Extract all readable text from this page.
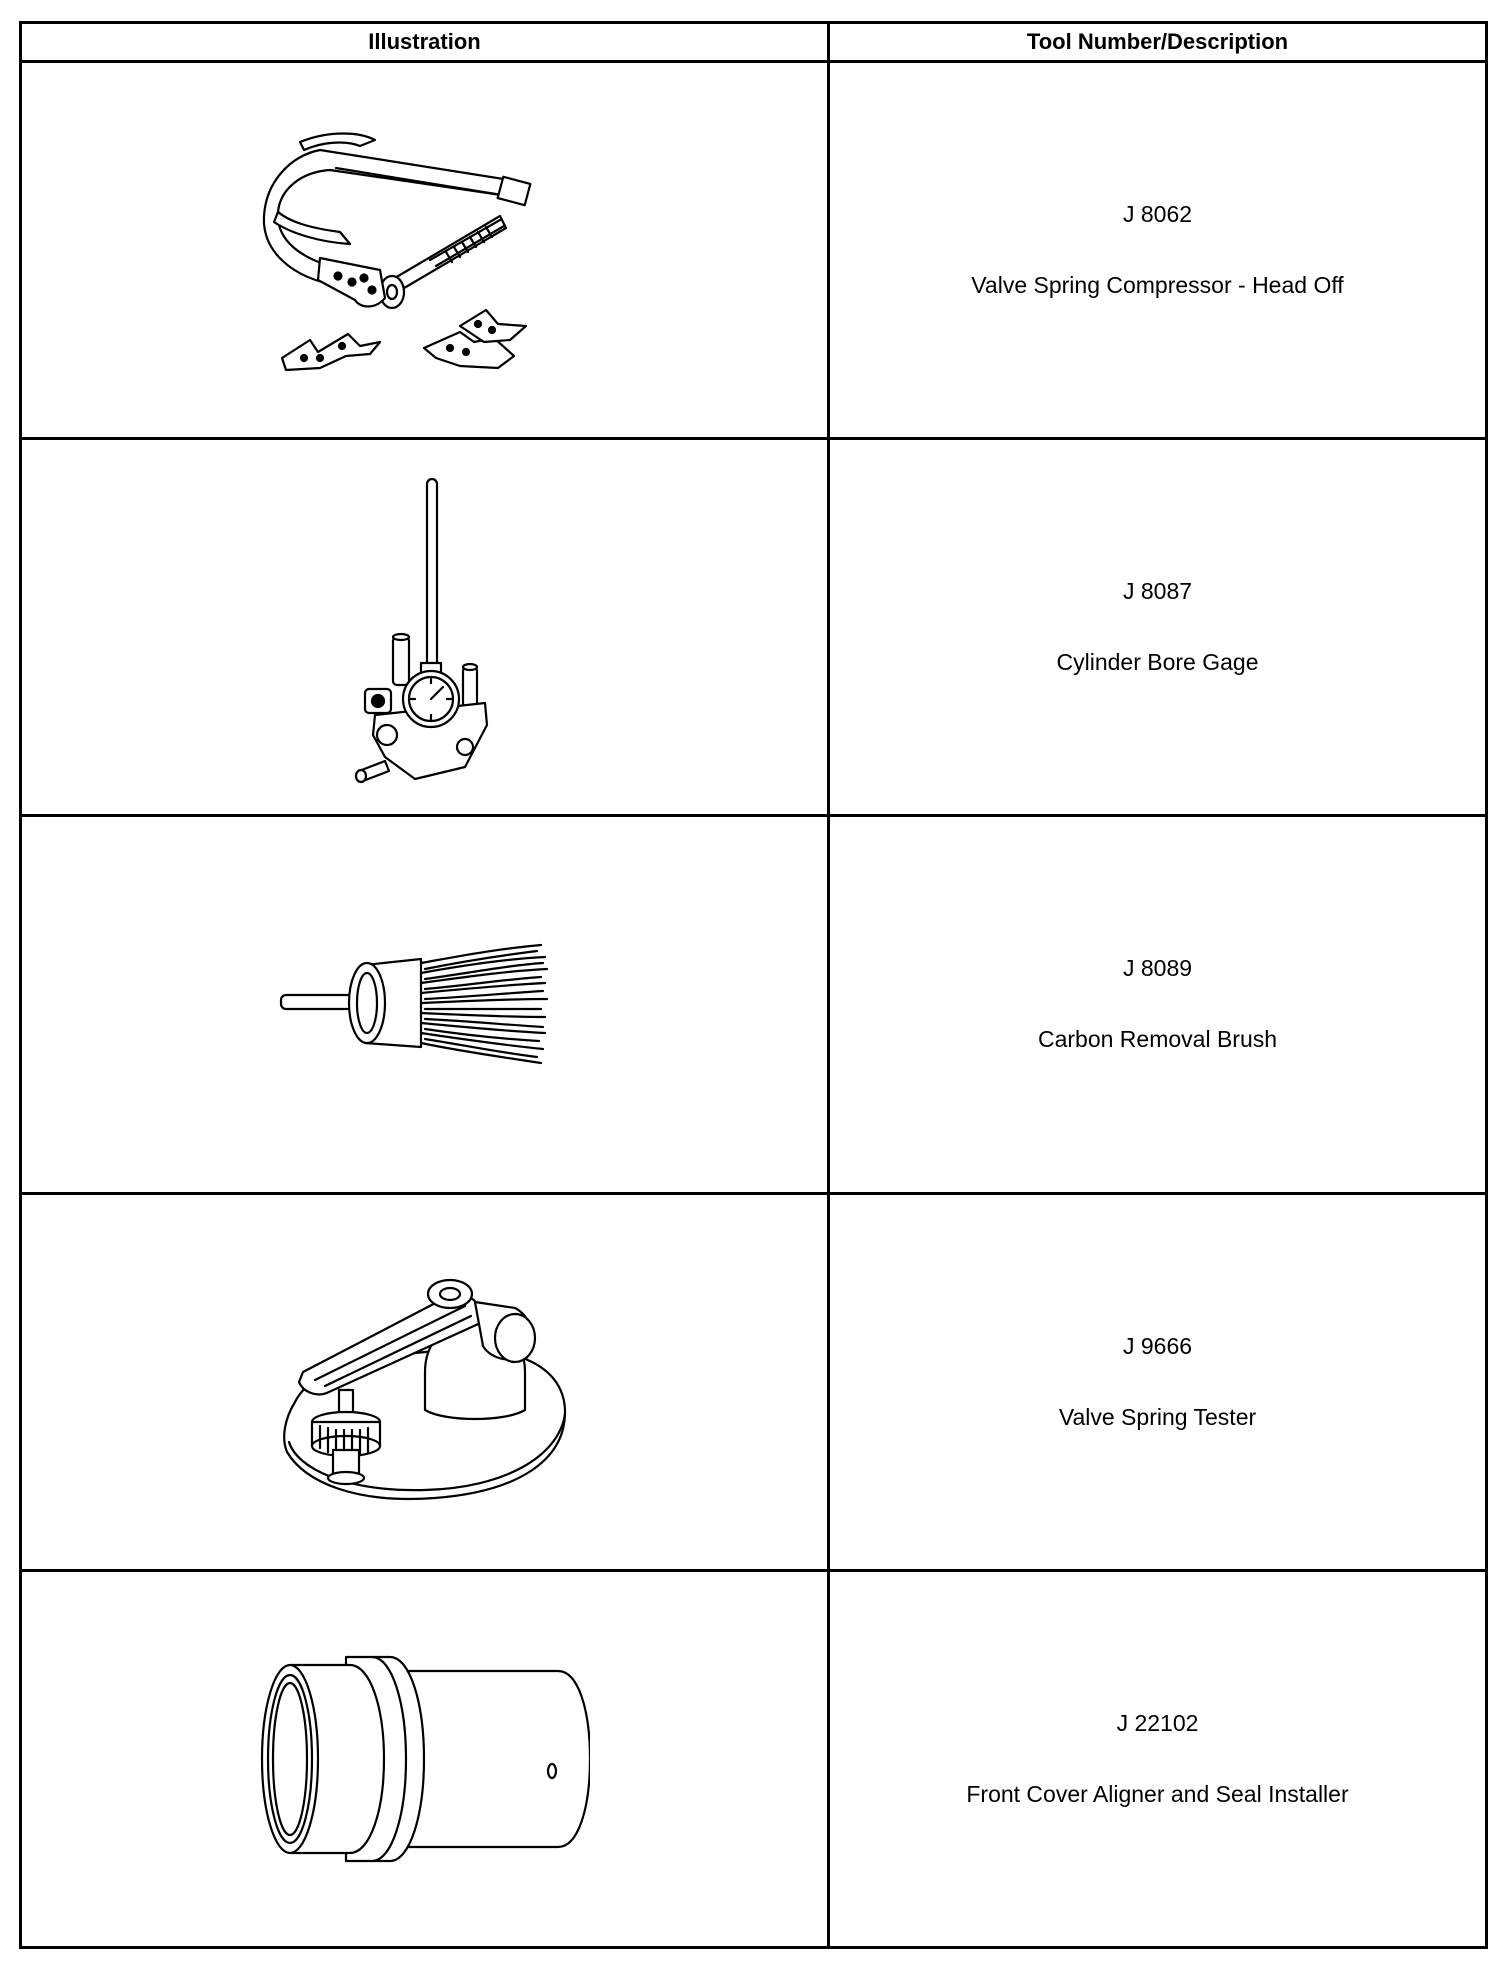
Illustration	Tool Number/Description

J 8062
Valve Spring Compressor - Head Off

J 8087
Cylinder Bore Gage

J 8089
Carbon Removal Brush

J 9666
Valve Spring Tester

J 22102
Front Cover Aligner and Seal Installer
